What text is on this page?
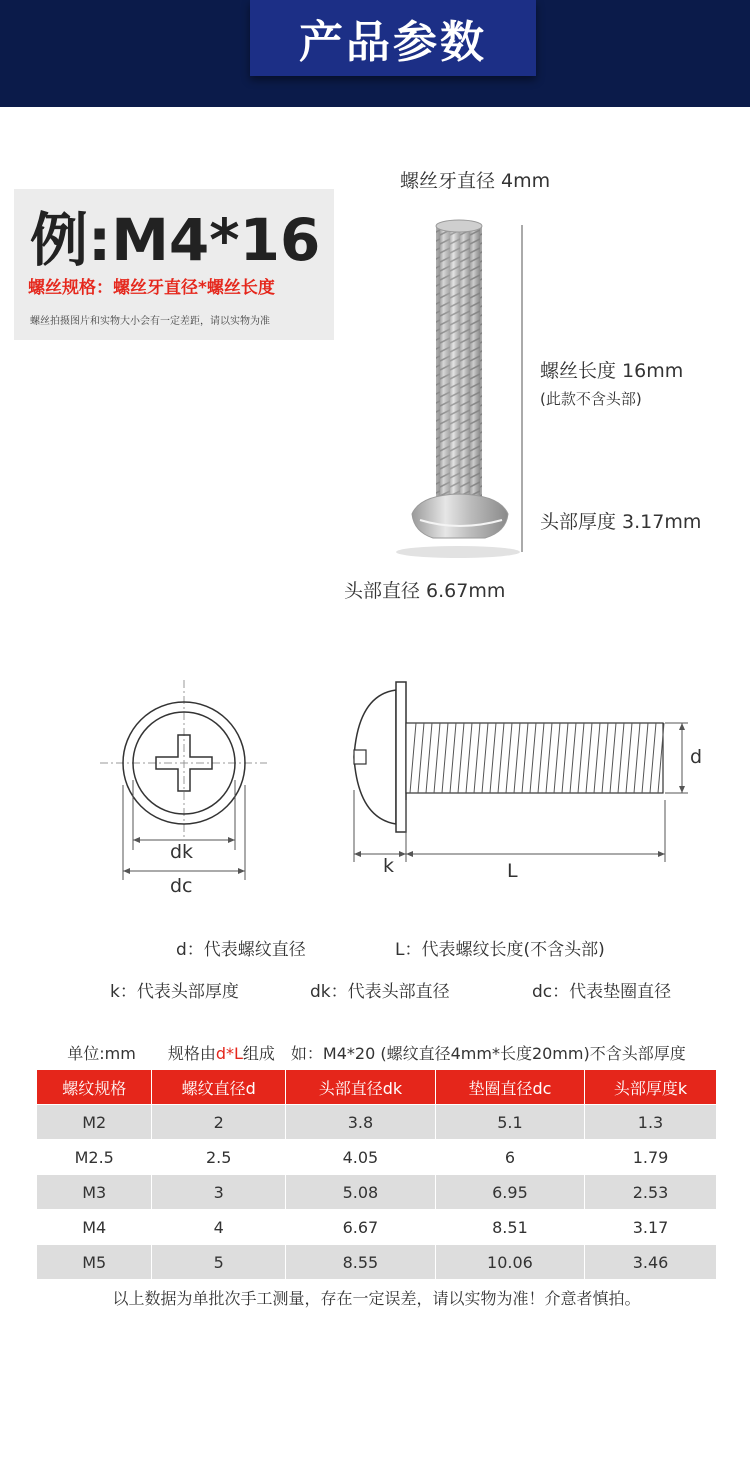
产品参数
例:M4*16
螺丝规格：螺丝牙直径*螺丝长度
螺丝拍摄图片和实物大小会有一定差距，请以实物为准
螺丝牙直径 4mm
螺丝长度 16mm
(此款不含头部)
头部厚度 3.17mm
头部直径 6.67mm
dk
dc
k	L
d
d：代表螺纹直径	L：代表螺纹长度(不含头部)
k：代表头部厚度	dk：代表头部直径	dc：代表垫圈直径
单位:mm　　规格由d*L组成　如：M4*20 (螺纹直径4mm*长度20mm)不含头部厚度				
螺纹规格	螺纹直径d	头部直径dk	垫圈直径dc	头部厚度k
M2	2	3.8	5.1	1.3
M2.5	2.5	4.05	6	1.79
M3	3	5.08	6.95	2.53
M4	4	6.67	8.51	3.17
M5	5	8.55	10.06	3.46
以上数据为单批次手工测量，存在一定误差，请以实物为准！介意者慎拍。				
